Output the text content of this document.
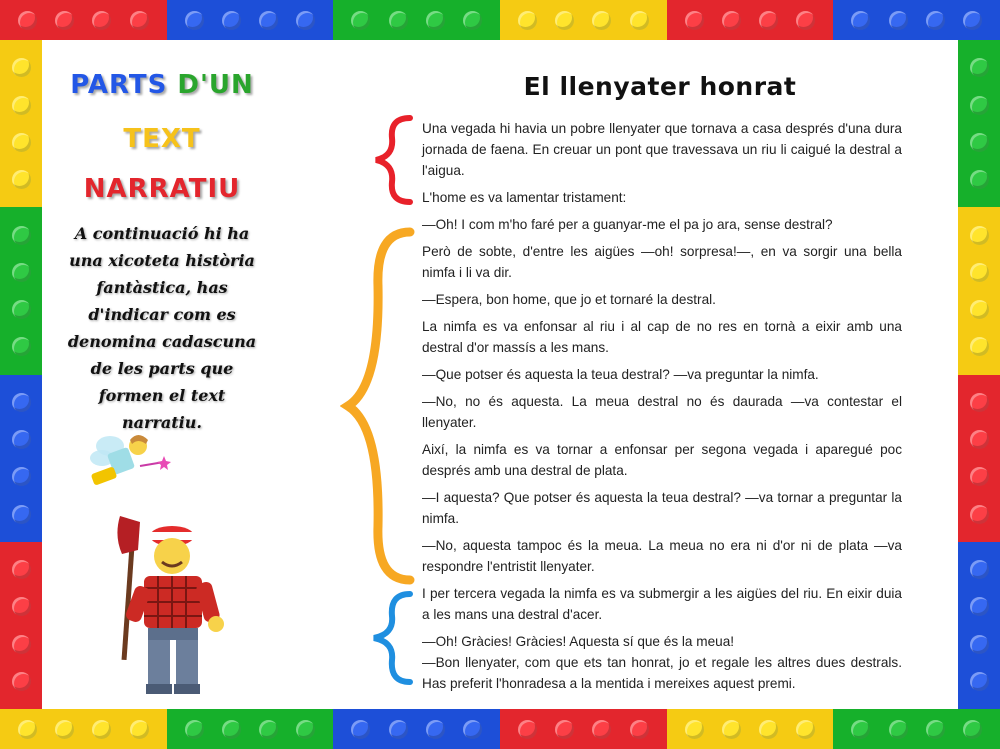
PARTS D'UN
TEXT
NARRATIU
A continuació hi ha una xicoteta història fantàstica, has d'indicar com es denomina cadascuna de les parts que formen el text narratiu.
El llenyater honrat

Una vegada hi havia un pobre llenyater que tornava a casa després d'una dura jornada de faena. En creuar un pont que travessava un riu li caigué la destral a l'aigua.

L'home es va lamentar tristament:

—Oh! I com m'ho faré per a guanyar-me el pa jo ara, sense destral?

Però de sobte, d'entre les aigües —oh! sorpresa!—, en va sorgir una bella nimfa i li va dir.

—Espera, bon home, que jo et tornaré la destral.

La nimfa es va enfonsar al riu i al cap de no res en tornà a eixir amb una destral d'or massís a les mans.

—Que potser és aquesta la teua destral? —va preguntar la nimfa.

—No, no és aquesta. La meua destral no és daurada —va contestar el llenyater.

Així, la nimfa es va tornar a enfonsar per segona vegada i aparegué poc després amb una destral de plata.

—I aquesta? Que potser és aquesta la teua destral? —va tornar a preguntar la nimfa.

—No, aquesta tampoc és la meua. La meua no era ni d'or ni de plata —va respondre l'entristit llenyater.

I per tercera vegada la nimfa es va submergir a les aigües del riu. En eixir duia a les mans una destral d'acer.

—Oh! Gràcies! Gràcies! Aquesta sí que és la meua!

—Bon llenyater, com que ets tan honrat, jo et regale les altres dues destrals. Has preferit l'honradesa a la mentida i mereixes aquest premi.
